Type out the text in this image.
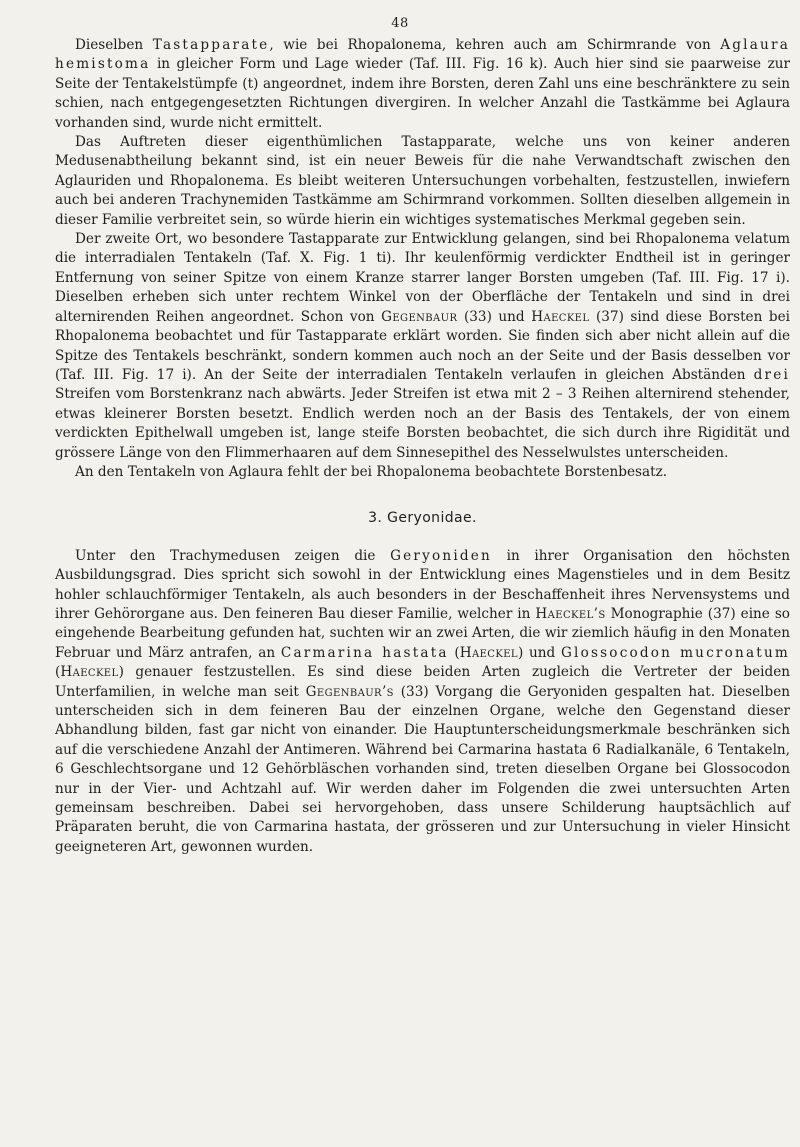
48

Dieselben Tastapparate, wie bei Rhopalonema, kehren auch am Schirmrande von Aglaura hemistoma in gleicher Form und Lage wieder (Taf. III. Fig. 16 k). Auch hier sind sie paarweise zur Seite der Tentakelstümpfe (t) angeordnet, indem ihre Borsten, deren Zahl uns eine beschränktere zu sein schien, nach entgegengesetzten Richtungen divergiren. In welcher Anzahl die Tastkämme bei Aglaura vorhanden sind, wurde nicht ermittelt.

Das Auftreten dieser eigenthümlichen Tastapparate, welche uns von keiner anderen Medusenabtheilung bekannt sind, ist ein neuer Beweis für die nahe Verwandtschaft zwischen den Aglauriden und Rhopalonema. Es bleibt weiteren Untersuchungen vorbehalten, festzustellen, inwiefern auch bei anderen Trachynemiden Tastkämme am Schirmrand vorkommen. Sollten dieselben allgemein in dieser Familie verbreitet sein, so würde hierin ein wichtiges systematisches Merkmal gegeben sein.

Der zweite Ort, wo besondere Tastapparate zur Entwicklung gelangen, sind bei Rhopalonema velatum die interradialen Tentakeln (Taf. X. Fig. 1 ti). Ihr keulenförmig verdickter Endtheil ist in geringer Entfernung von seiner Spitze von einem Kranze starrer langer Borsten umgeben (Taf. III. Fig. 17 i). Dieselben erheben sich unter rechtem Winkel von der Oberfläche der Tentakeln und sind in drei alternirenden Reihen angeordnet. Schon von Gegenbaur (33) und Haeckel (37) sind diese Borsten bei Rhopalonema beobachtet und für Tastapparate erklärt worden. Sie finden sich aber nicht allein auf die Spitze des Tentakels beschränkt, sondern kommen auch noch an der Seite und der Basis desselben vor (Taf. III. Fig. 17 i). An der Seite der interradialen Tentakeln verlaufen in gleichen Abständen drei Streifen vom Borstenkranz nach abwärts. Jeder Streifen ist etwa mit 2 – 3 Reihen alternirend stehender, etwas kleinerer Borsten besetzt. Endlich werden noch an der Basis des Tentakels, der von einem verdickten Epithelwall umgeben ist, lange steife Borsten beobachtet, die sich durch ihre Rigidität und grössere Länge von den Flimmerhaaren auf dem Sinnesepithel des Nesselwulstes unterscheiden.

An den Tentakeln von Aglaura fehlt der bei Rhopalonema beobachtete Borstenbesatz.

3. Geryonidae.

Unter den Trachymedusen zeigen die Geryoniden in ihrer Organisation den höchsten Ausbildungsgrad. Dies spricht sich sowohl in der Entwicklung eines Magenstieles und in dem Besitz hohler schlauchförmiger Tentakeln, als auch besonders in der Beschaffenheit ihres Nervensystems und ihrer Gehörorgane aus. Den feineren Bau dieser Familie, welcher in Haeckel’s Monographie (37) eine so eingehende Bearbeitung gefunden hat, suchten wir an zwei Arten, die wir ziemlich häufig in den Monaten Februar und März antrafen, an Carmarina hastata (Haeckel) und Glossocodon mucronatum (Haeckel) genauer festzustellen. Es sind diese beiden Arten zugleich die Vertreter der beiden Unterfamilien, in welche man seit Gegenbaur’s (33) Vorgang die Geryoniden gespalten hat. Dieselben unterscheiden sich in dem feineren Bau der einzelnen Organe, welche den Gegenstand dieser Abhandlung bilden, fast gar nicht von einander. Die Hauptunterscheidungsmerkmale beschränken sich auf die verschiedene Anzahl der Antimeren. Während bei Carmarina hastata 6 Radialkanäle, 6 Tentakeln, 6 Geschlechtsorgane und 12 Gehörbläschen vorhanden sind, treten dieselben Organe bei Glossocodon nur in der Vier- und Achtzahl auf. Wir werden daher im Folgenden die zwei untersuchten Arten gemeinsam beschreiben. Dabei sei hervorgehoben, dass unsere Schilderung hauptsächlich auf Präparaten beruht, die von Carmarina hastata, der grösseren und zur Untersuchung in vieler Hinsicht geeigneteren Art, gewonnen wurden.
